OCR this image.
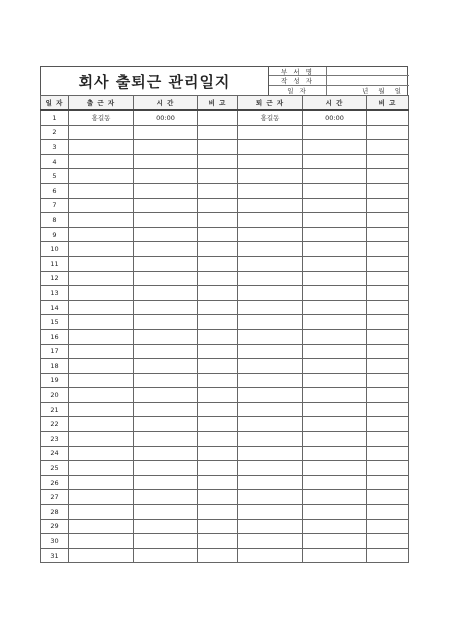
회사 출퇴근 관리일지
부 서 명
작 성 자
일 자	년 월 일
일 자	출 근 자	시 간	비 고	퇴 근 자	시 간	비 고
1	홍길동	00:00		홍길동	00:00	
2						
3						
4						
5						
6						
7						
8						
9						
10						
11						
12						
13						
14						
15						
16						
17						
18						
19						
20						
21						
22						
23						
24						
25						
26						
27						
28						
29						
30						
31						
